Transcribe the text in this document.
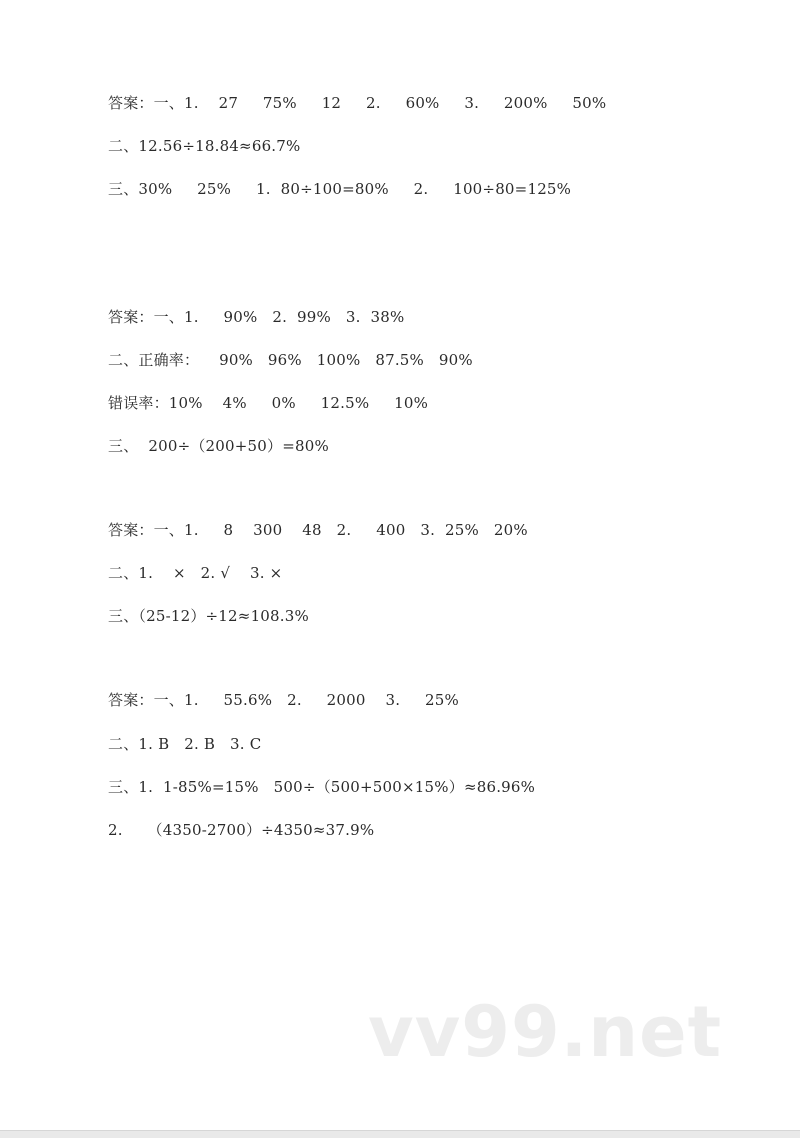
答案：一、1.    27     75%     12     2.     60%     3.     200%     50%
二、12.56÷18.84≈66.7%
三、30%     25%     1.  80÷100=80%     2.     100÷80=125%
答案：一、1.     90%   2.  99%   3.  38%
二、正确率：    90%   96%   100%   87.5%   90%
错误率：10%    4%     0%     12.5%     10%
三、  200÷（200+50）=80%
答案：一、1.     8    300    48   2.     400   3.  25%   20%
二、1.    ×   2. √    3. ×
三、（25-12）÷12≈108.3%
答案：一、1.     55.6%   2.     2000    3.     25%
二、1. B   2. B   3. C
三、1.  1-85%=15%   500÷（500+500×15%）≈86.96%
2.     （4350-2700）÷4350≈37.9%
vv99.net
